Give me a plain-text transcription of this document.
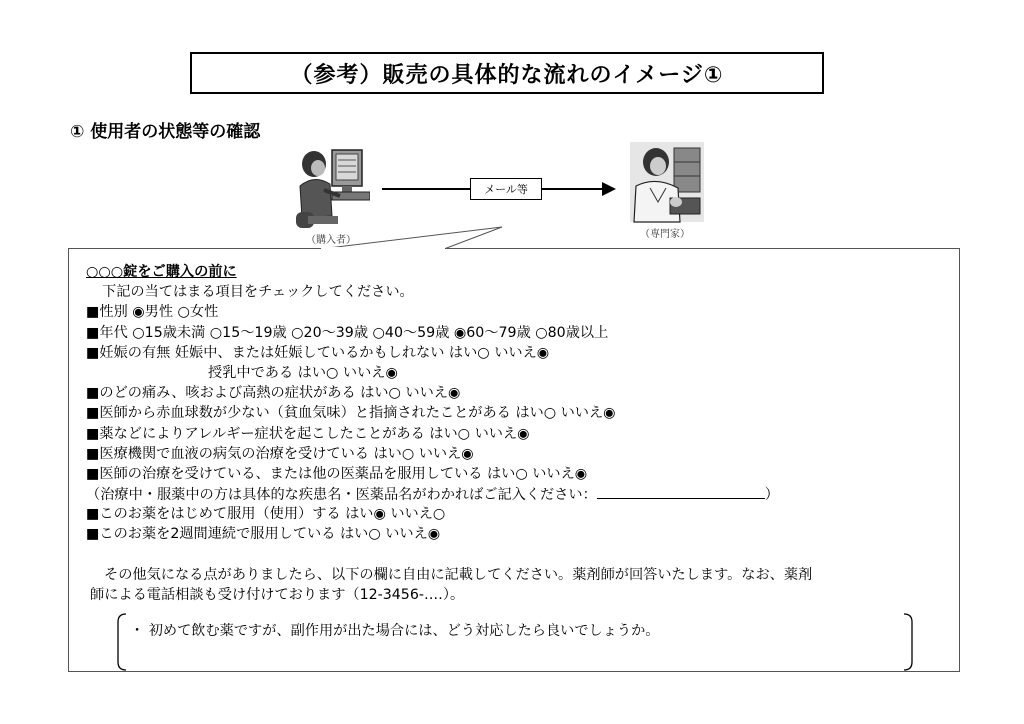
（参考）販売の具体的な流れのイメージ①
① 使用者の状態等の確認
（購入者）
メール等
（専門家）
○○○錠をご購入の前に
下記の当てはまる項目をチェックしてください。
■性別 ◉男性 ○女性
■年代 ○15歳未満 ○15～19歳 ○20～39歳 ○40～59歳 ◉60～79歳 ○80歳以上
■妊娠の有無 妊娠中、または妊娠しているかもしれない はい○ いいえ◉
授乳中である はい○ いいえ◉
■のどの痛み、咳および高熱の症状がある はい○ いいえ◉
■医師から赤血球数が少ない（貧血気味）と指摘されたことがある はい○ いいえ◉
■薬などによりアレルギー症状を起こしたことがある はい○ いいえ◉
■医療機関で血液の病気の治療を受けている はい○ いいえ◉
■医師の治療を受けている、または他の医薬品を服用している はい○ いいえ◉
（治療中・服薬中の方は具体的な疾患名・医薬品名がわかればご記入ください：	）
■このお薬をはじめて服用（使用）する はい◉ いいえ○
■このお薬を2週間連続で服用している はい○ いいえ◉
その他気になる点がありましたら、以下の欄に自由に記載してください。薬剤師が回答いたします。なお、薬剤
師による電話相談も受け付けております（12-3456-‥‥）。
・ 初めて飲む薬ですが、副作用が出た場合には、どう対応したら良いでしょうか。
